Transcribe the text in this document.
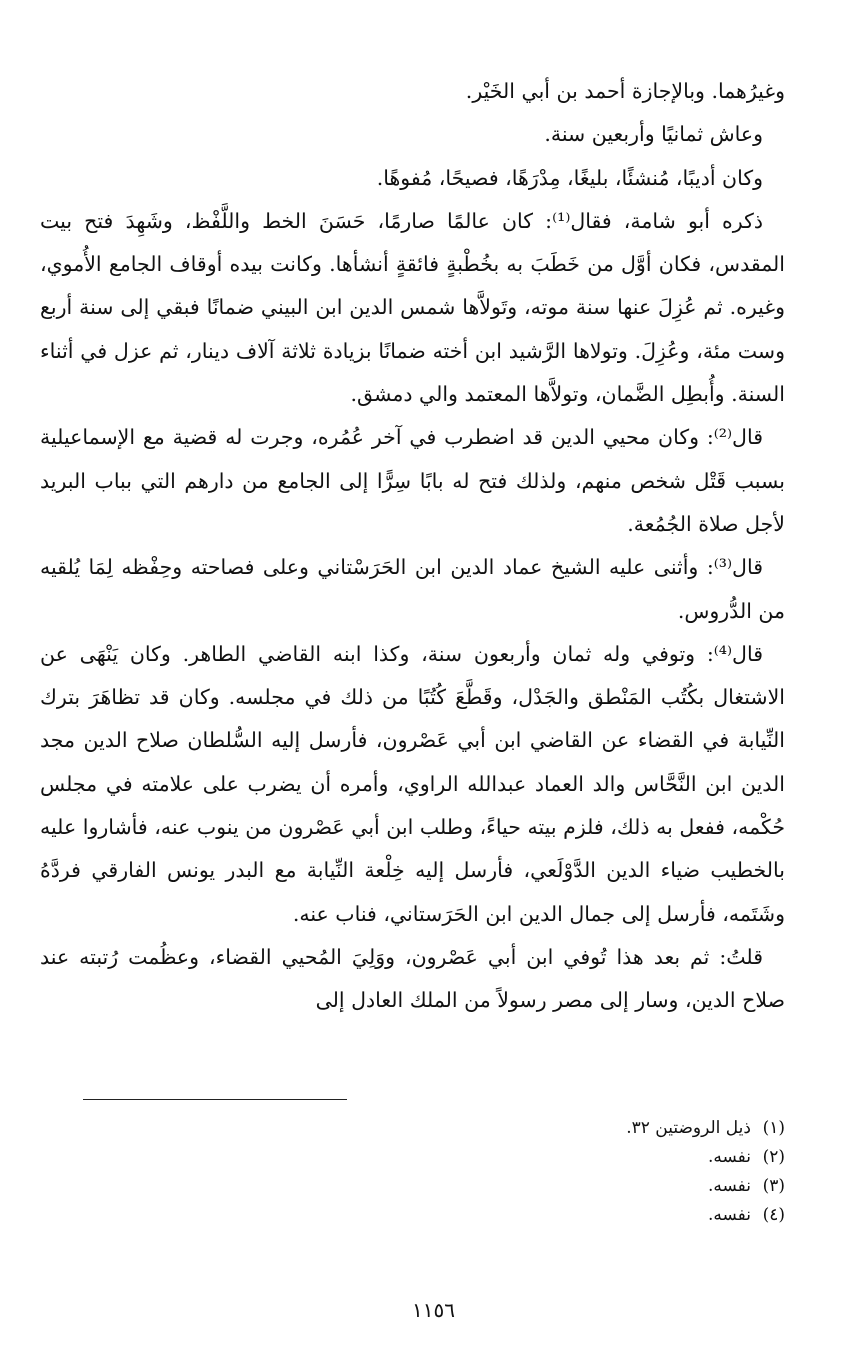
وغيرُهما. وبالإجازة أحمد بن أبي الخَيْر.

وعاش ثمانيًا وأربعين سنة.

وكان أديبًا، مُنشئًا، بليغًا، مِدْرَهًا، فصيحًا، مُفوهًا.

ذكره أبو شامة، فقال⁽¹⁾: كان عالمًا صارمًا، حَسَنَ الخط واللَّفْظ، وشَهِدَ فتح بيت المقدس، فكان أوَّل من خَطَبَ به بخُطْبةٍ فائقةٍ أنشأها. وكانت بيده أوقاف الجامع الأُموي، وغيره. ثم عُزِلَ عنها سنة موته، وتَولاَّها شمس الدين ابن البيني ضمانًا فبقي إلى سنة أربع وست مئة، وعُزِلَ. وتولاها الرَّشيد ابن أخته ضمانًا بزيادة ثلاثة آلاف دينار، ثم عزل في أثناء السنة. وأُبطِل الضَّمان، وتولاَّها المعتمد والي دمشق.

قال⁽²⁾: وكان محيي الدين قد اضطرب في آخر عُمُره، وجرت له قضية مع الإسماعيلية بسبب قَتْل شخص منهم، ولذلك فتح له بابًا سِرًّا إلى الجامع من دارهم التي بباب البريد لأجل صلاة الجُمُعة.

قال⁽³⁾: وأثنى عليه الشيخ عماد الدين ابن الحَرَسْتاني وعلى فصاحته وحِفْظه لِمَا يُلقيه من الدُّروس.

قال⁽⁴⁾: وتوفي وله ثمان وأربعون سنة، وكذا ابنه القاضي الطاهر. وكان يَنْهَى عن الاشتغال بكُتُب المَنْطق والجَدْل، وقَطَّعَ كُتُبًا من ذلك في مجلسه. وكان قد تظاهَرَ بترك النِّيابة في القضاء عن القاضي ابن أبي عَصْرون، فأرسل إليه السُّلطان صلاح الدين مجد الدين ابن النَّحَّاس والد العماد عبدالله الراوي، وأمره أن يضرب على علامته في مجلس حُكْمه، ففعل به ذلك، فلزم بيته حياءً، وطلب ابن أبي عَصْرون من ينوب عنه، فأشاروا عليه بالخطيب ضياء الدين الدَّوْلَعي، فأرسل إليه خِلْعة النِّيابة مع البدر يونس الفارقي فردَّهُ وشَتَمه، فأرسل إلى جمال الدين ابن الحَرَستاني، فناب عنه.

قلتُ: ثم بعد هذا تُوفي ابن أبي عَصْرون، ووَلِيَ المُحيي القضاء، وعظُمت رُتبته عند صلاح الدين، وسار إلى مصر رسولاً من الملك العادل إلى

(١)ذيل الروضتين ٣٢.
(٢)نفسه.
(٣)نفسه.
(٤)نفسه.
١١٥٦
